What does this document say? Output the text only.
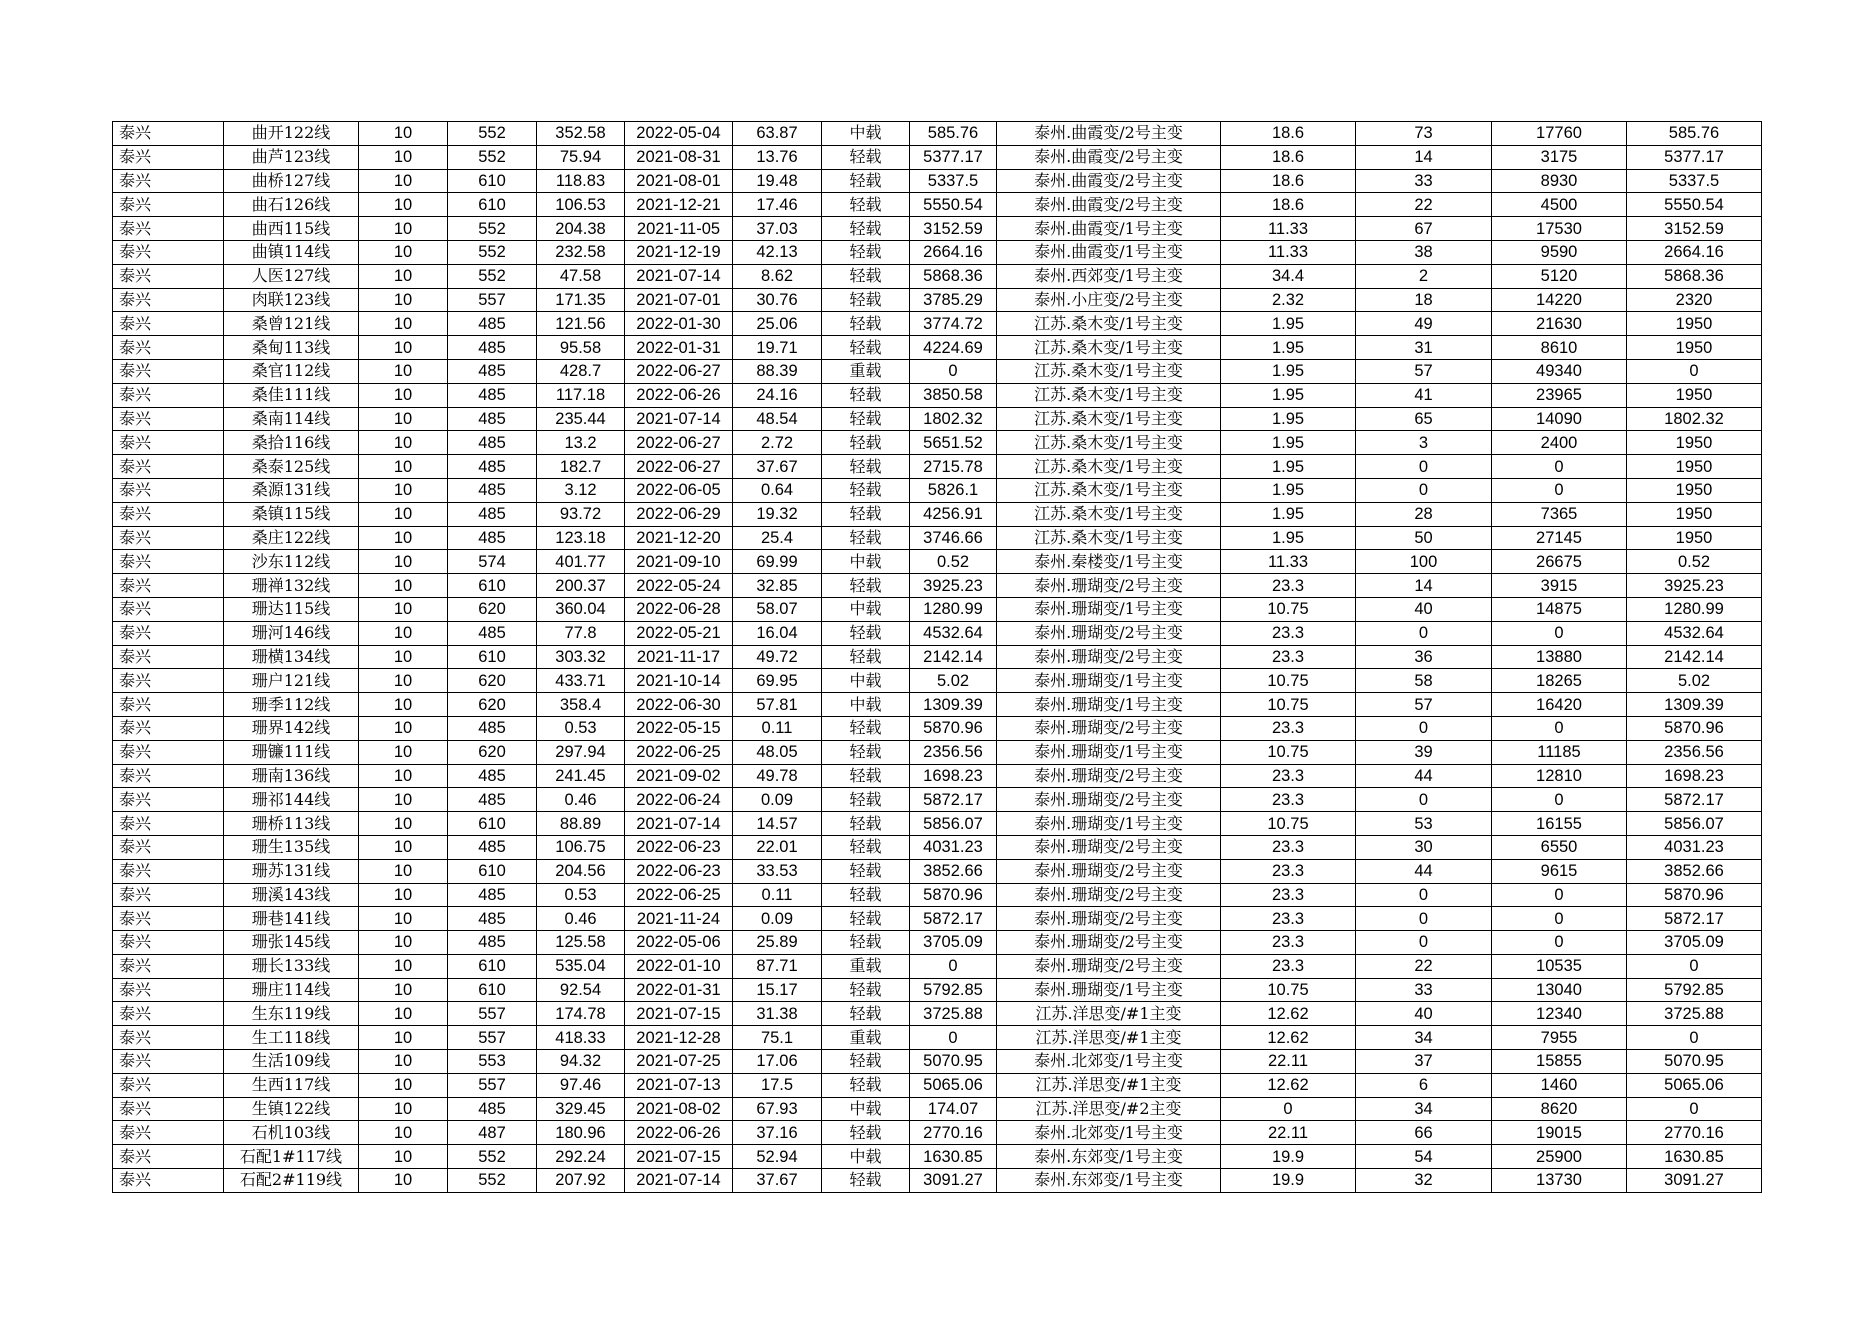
泰兴	曲开122线	10	552	352.58	2022-05-04	63.87	中载	585.76	泰州.曲霞变/2号主变	18.6	73	17760	585.76
泰兴	曲芦123线	10	552	75.94	2021-08-31	13.76	轻载	5377.17	泰州.曲霞变/2号主变	18.6	14	3175	5377.17
泰兴	曲桥127线	10	610	118.83	2021-08-01	19.48	轻载	5337.5	泰州.曲霞变/2号主变	18.6	33	8930	5337.5
泰兴	曲石126线	10	610	106.53	2021-12-21	17.46	轻载	5550.54	泰州.曲霞变/2号主变	18.6	22	4500	5550.54
泰兴	曲西115线	10	552	204.38	2021-11-05	37.03	轻载	3152.59	泰州.曲霞变/1号主变	11.33	67	17530	3152.59
泰兴	曲镇114线	10	552	232.58	2021-12-19	42.13	轻载	2664.16	泰州.曲霞变/1号主变	11.33	38	9590	2664.16
泰兴	人医127线	10	552	47.58	2021-07-14	8.62	轻载	5868.36	泰州.西郊变/1号主变	34.4	2	5120	5868.36
泰兴	肉联123线	10	557	171.35	2021-07-01	30.76	轻载	3785.29	泰州.小庄变/2号主变	2.32	18	14220	2320
泰兴	桑曾121线	10	485	121.56	2022-01-30	25.06	轻载	3774.72	江苏.桑木变/1号主变	1.95	49	21630	1950
泰兴	桑甸113线	10	485	95.58	2022-01-31	19.71	轻载	4224.69	江苏.桑木变/1号主变	1.95	31	8610	1950
泰兴	桑官112线	10	485	428.7	2022-06-27	88.39	重载	0	江苏.桑木变/1号主变	1.95	57	49340	0
泰兴	桑佳111线	10	485	117.18	2022-06-26	24.16	轻载	3850.58	江苏.桑木变/1号主变	1.95	41	23965	1950
泰兴	桑南114线	10	485	235.44	2021-07-14	48.54	轻载	1802.32	江苏.桑木变/1号主变	1.95	65	14090	1802.32
泰兴	桑拾116线	10	485	13.2	2022-06-27	2.72	轻载	5651.52	江苏.桑木变/1号主变	1.95	3	2400	1950
泰兴	桑泰125线	10	485	182.7	2022-06-27	37.67	轻载	2715.78	江苏.桑木变/1号主变	1.95	0	0	1950
泰兴	桑源131线	10	485	3.12	2022-06-05	0.64	轻载	5826.1	江苏.桑木变/1号主变	1.95	0	0	1950
泰兴	桑镇115线	10	485	93.72	2022-06-29	19.32	轻载	4256.91	江苏.桑木变/1号主变	1.95	28	7365	1950
泰兴	桑庄122线	10	485	123.18	2021-12-20	25.4	轻载	3746.66	江苏.桑木变/1号主变	1.95	50	27145	1950
泰兴	沙东112线	10	574	401.77	2021-09-10	69.99	中载	0.52	泰州.秦楼变/1号主变	11.33	100	26675	0.52
泰兴	珊禅132线	10	610	200.37	2022-05-24	32.85	轻载	3925.23	泰州.珊瑚变/2号主变	23.3	14	3915	3925.23
泰兴	珊达115线	10	620	360.04	2022-06-28	58.07	中载	1280.99	泰州.珊瑚变/1号主变	10.75	40	14875	1280.99
泰兴	珊河146线	10	485	77.8	2022-05-21	16.04	轻载	4532.64	泰州.珊瑚变/2号主变	23.3	0	0	4532.64
泰兴	珊横134线	10	610	303.32	2021-11-17	49.72	轻载	2142.14	泰州.珊瑚变/2号主变	23.3	36	13880	2142.14
泰兴	珊户121线	10	620	433.71	2021-10-14	69.95	中载	5.02	泰州.珊瑚变/1号主变	10.75	58	18265	5.02
泰兴	珊季112线	10	620	358.4	2022-06-30	57.81	中载	1309.39	泰州.珊瑚变/1号主变	10.75	57	16420	1309.39
泰兴	珊界142线	10	485	0.53	2022-05-15	0.11	轻载	5870.96	泰州.珊瑚变/2号主变	23.3	0	0	5870.96
泰兴	珊镰111线	10	620	297.94	2022-06-25	48.05	轻载	2356.56	泰州.珊瑚变/1号主变	10.75	39	11185	2356.56
泰兴	珊南136线	10	485	241.45	2021-09-02	49.78	轻载	1698.23	泰州.珊瑚变/2号主变	23.3	44	12810	1698.23
泰兴	珊祁144线	10	485	0.46	2022-06-24	0.09	轻载	5872.17	泰州.珊瑚变/2号主变	23.3	0	0	5872.17
泰兴	珊桥113线	10	610	88.89	2021-07-14	14.57	轻载	5856.07	泰州.珊瑚变/1号主变	10.75	53	16155	5856.07
泰兴	珊生135线	10	485	106.75	2022-06-23	22.01	轻载	4031.23	泰州.珊瑚变/2号主变	23.3	30	6550	4031.23
泰兴	珊苏131线	10	610	204.56	2022-06-23	33.53	轻载	3852.66	泰州.珊瑚变/2号主变	23.3	44	9615	3852.66
泰兴	珊溪143线	10	485	0.53	2022-06-25	0.11	轻载	5870.96	泰州.珊瑚变/2号主变	23.3	0	0	5870.96
泰兴	珊巷141线	10	485	0.46	2021-11-24	0.09	轻载	5872.17	泰州.珊瑚变/2号主变	23.3	0	0	5872.17
泰兴	珊张145线	10	485	125.58	2022-05-06	25.89	轻载	3705.09	泰州.珊瑚变/2号主变	23.3	0	0	3705.09
泰兴	珊长133线	10	610	535.04	2022-01-10	87.71	重载	0	泰州.珊瑚变/2号主变	23.3	22	10535	0
泰兴	珊庄114线	10	610	92.54	2022-01-31	15.17	轻载	5792.85	泰州.珊瑚变/1号主变	10.75	33	13040	5792.85
泰兴	生东119线	10	557	174.78	2021-07-15	31.38	轻载	3725.88	江苏.洋思变/#1主变	12.62	40	12340	3725.88
泰兴	生工118线	10	557	418.33	2021-12-28	75.1	重载	0	江苏.洋思变/#1主变	12.62	34	7955	0
泰兴	生活109线	10	553	94.32	2021-07-25	17.06	轻载	5070.95	泰州.北郊变/1号主变	22.11	37	15855	5070.95
泰兴	生西117线	10	557	97.46	2021-07-13	17.5	轻载	5065.06	江苏.洋思变/#1主变	12.62	6	1460	5065.06
泰兴	生镇122线	10	485	329.45	2021-08-02	67.93	中载	174.07	江苏.洋思变/#2主变	0	34	8620	0
泰兴	石机103线	10	487	180.96	2022-06-26	37.16	轻载	2770.16	泰州.北郊变/1号主变	22.11	66	19015	2770.16
泰兴	石配1#117线	10	552	292.24	2021-07-15	52.94	中载	1630.85	泰州.东郊变/1号主变	19.9	54	25900	1630.85
泰兴	石配2#119线	10	552	207.92	2021-07-14	37.67	轻载	3091.27	泰州.东郊变/1号主变	19.9	32	13730	3091.27
